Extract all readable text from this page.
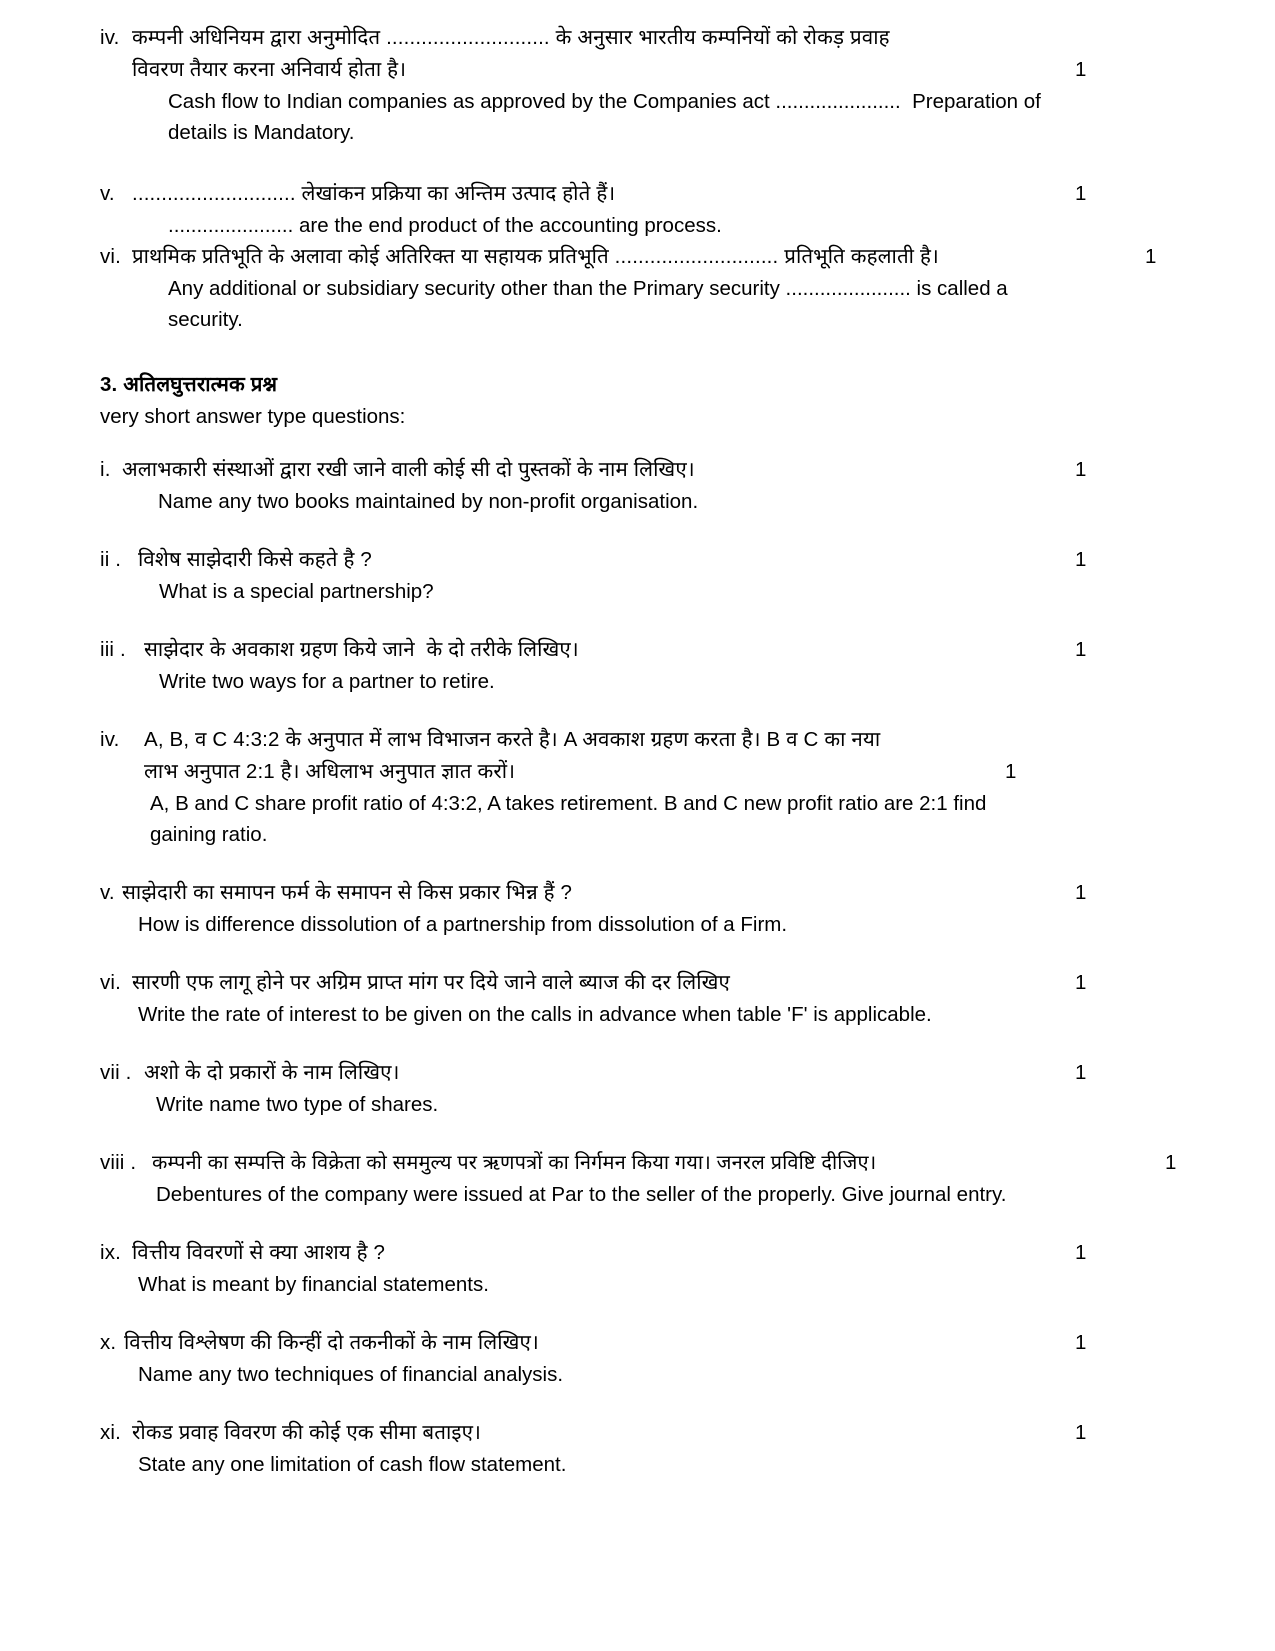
iv. कम्पनी अधिनियम द्वारा अनुमोदित ............................ के अनुसार भारतीय कम्पनियों को रोकड़ प्रवाह
विवरण तैयार करना अनिवार्य होता है।
Cash flow to Indian companies as approved by the Companies act ......................  Preparation of
details is Mandatory.
1
v. ............................ लेखांकन प्रक्रिया का अन्तिम उत्पाद होते हैं।
...................... are the end product of the accounting process.
1
vi. प्राथमिक प्रतिभूति के अलावा कोई अतिरिक्त या सहायक प्रतिभूति ............................ प्रतिभूति कहलाती है।
Any additional or subsidiary security other than the Primary security ...................... is called a
security.
1
3. अतिलघुत्तरात्मक प्रश्न
very short answer type questions:
i. अलाभकारी संस्थाओं द्वारा रखी जाने वाली कोई सी दो पुस्तकों के नाम लिखिए।
Name any two books maintained by non-profit organisation.
1
ii . विशेष साझेदारी किसे कहते है ?
What is a special partnership?
1
iii . साझेदार के अवकाश ग्रहण किये जाने  के दो तरीके लिखिए।
Write two ways for a partner to retire.
1
iv.	A, B, व C 4:3:2 के अनुपात में लाभ विभाजन करते है। A अवकाश ग्रहण करता है। B व C का नया
लाभ अनुपात 2:1 है। अधिलाभ अनुपात ज्ञात करों।
A, B and C share profit ratio of 4:3:2, A takes retirement. B and C new profit ratio are 2:1 find
gaining ratio.
1
v. साझेदारी का समापन फर्म के समापन से किस प्रकार भिन्न हैं ?
How is difference dissolution of a partnership from dissolution of a Firm.
1
vi. सारणी एफ लागू होने पर अग्रिम प्राप्त मांग पर दिये जाने वाले ब्याज की दर लिखिए
Write the rate of interest to be given on the calls in advance when table 'F' is applicable.
1
vii . अशो के दो प्रकारों के नाम लिखिए।
Write name two type of shares.
1
viii . कम्पनी का सम्पत्ति के विक्रेता को सममुल्य पर ऋणपत्रों का निर्गमन किया गया। जनरल प्रविष्टि दीजिए।
Debentures of the company were issued at Par to the seller of the properly. Give journal entry.
1
ix. वित्तीय विवरणों से क्या आशय है ?
What is meant by financial statements.
1
x. वित्तीय विश्लेषण की किन्हीं दो तकनीकों के नाम लिखिए।
Name any two techniques of financial analysis.
1
xi. रोकड प्रवाह विवरण की कोई एक सीमा बताइए।
State any one limitation of cash flow statement.
1
